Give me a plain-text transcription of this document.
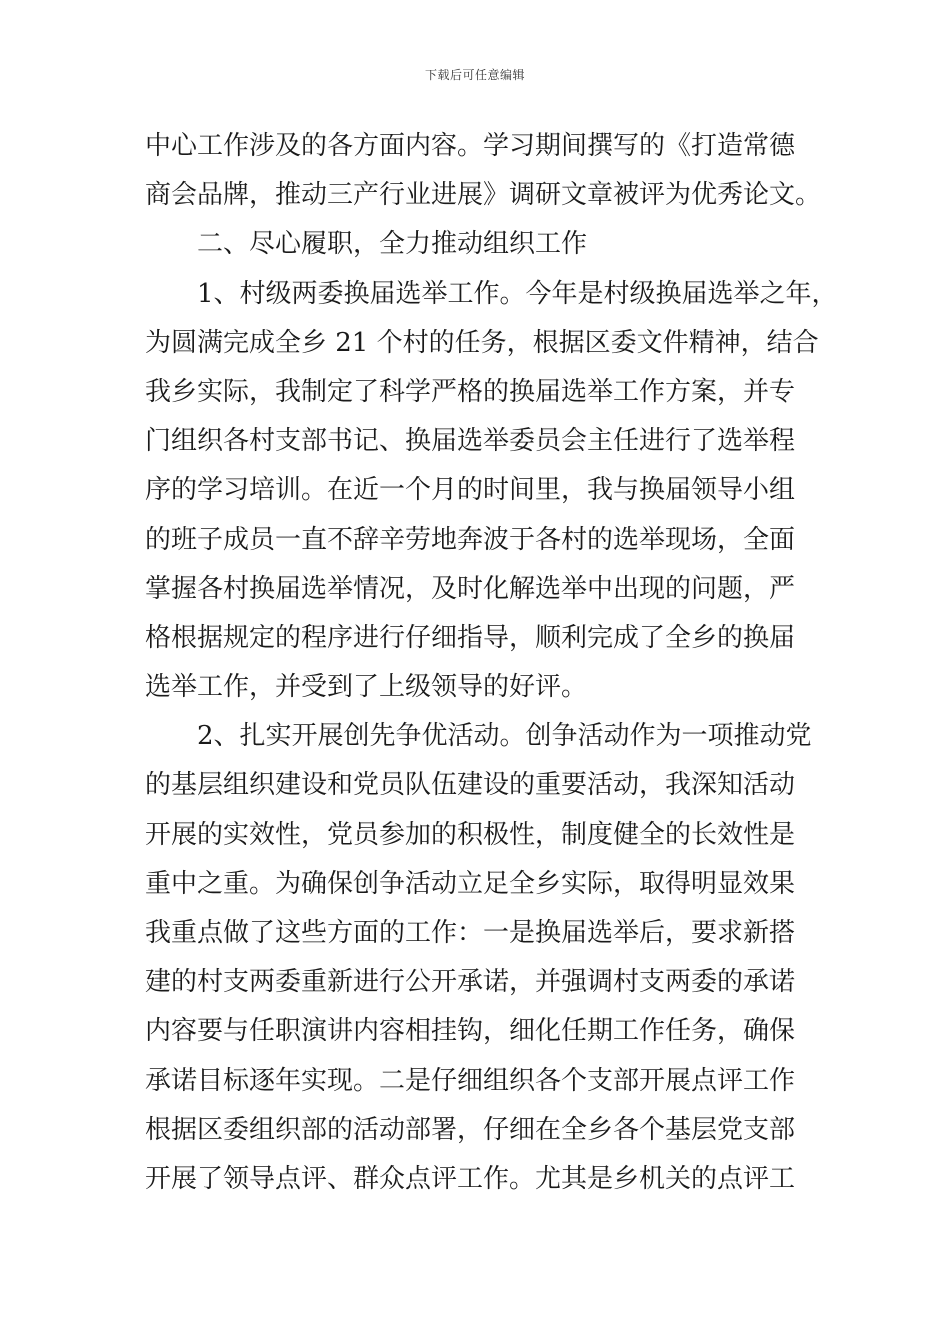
下载后可任意编辑
中心工作涉及的各方面内容。学习期间撰写的《打造常德
商会品牌，推动三产行业进展》调研文章被评为优秀论文。
二、尽心履职，全力推动组织工作
1、村级两委换届选举工作。今年是村级换届选举之年，
为圆满完成全乡 21 个村的任务，根据区委文件精神，结合
我乡实际，我制定了科学严格的换届选举工作方案，并专
门组织各村支部书记、换届选举委员会主任进行了选举程
序的学习培训。在近一个月的时间里，我与换届领导小组
的班子成员一直不辞辛劳地奔波于各村的选举现场，全面
掌握各村换届选举情况，及时化解选举中出现的问题，严
格根据规定的程序进行仔细指导，顺利完成了全乡的换届
选举工作，并受到了上级领导的好评。
2、扎实开展创先争优活动。创争活动作为一项推动党
的基层组织建设和党员队伍建设的重要活动，我深知活动
开展的实效性，党员参加的积极性，制度健全的长效性是
重中之重。为确保创争活动立足全乡实际，取得明显效果
我重点做了这些方面的工作：一是换届选举后，要求新搭
建的村支两委重新进行公开承诺，并强调村支两委的承诺
内容要与任职演讲内容相挂钩，细化任期工作任务，确保
承诺目标逐年实现。二是仔细组织各个支部开展点评工作
根据区委组织部的活动部署，仔细在全乡各个基层党支部
开展了领导点评、群众点评工作。尤其是乡机关的点评工
